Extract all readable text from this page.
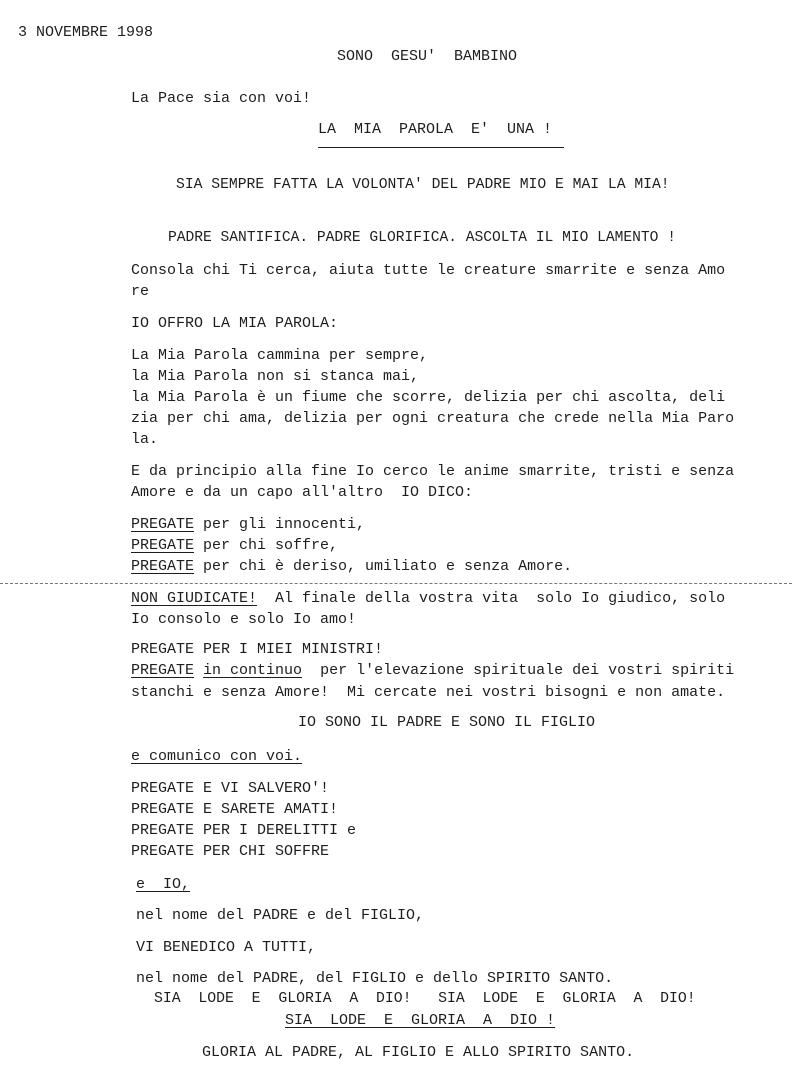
3 NOVEMBRE 1998
SONO  GESU'  BAMBINO
La Pace sia con voi!
LA  MIA  PAROLA  E'  UNA !
SIA SEMPRE FATTA LA VOLONTA' DEL PADRE MIO E MAI LA MIA!
PADRE SANTIFICA. PADRE GLORIFICA. ASCOLTA IL MIO LAMENTO !
Consola chi Ti cerca, aiuta tutte le creature smarrite e senza Amo
re
IO OFFRO LA MIA PAROLA:
La Mia Parola cammina per sempre,
la Mia Parola non si stanca mai,
la Mia Parola è un fiume che scorre, delizia per chi ascolta, deli
zia per chi ama, delizia per ogni creatura che crede nella Mia Paro
la.
E da principio alla fine Io cerco le anime smarrite, tristi e senza
Amore e da un capo all'altro  IO DICO:
PREGATE per gli innocenti,
PREGATE per chi soffre,
PREGATE per chi è deriso, umiliato e senza Amore.
NON GIUDICATE!  Al finale della vostra vita  solo Io giudico, solo
Io consolo e solo Io amo!
PREGATE PER I MIEI MINISTRI!
PREGATE in continuo  per l'elevazione spirituale dei vostri spiriti
stanchi e senza Amore!  Mi cercate nei vostri bisogni e non amate.
IO SONO IL PADRE E SONO IL FIGLIO
e comunico con voi.
PREGATE E VI SALVERO'!
PREGATE E SARETE AMATI!
PREGATE PER I DERELITTI e
PREGATE PER CHI SOFFRE
e  IO,
nel nome del PADRE e del FIGLIO,
VI BENEDICO A TUTTI,
nel nome del PADRE, del FIGLIO e dello SPIRITO SANTO.
SIA  LODE  E  GLORIA  A  DIO!   SIA  LODE  E  GLORIA  A  DIO!
SIA  LODE  E  GLORIA  A  DIO !
GLORIA AL PADRE, AL FIGLIO E ALLO SPIRITO SANTO.
